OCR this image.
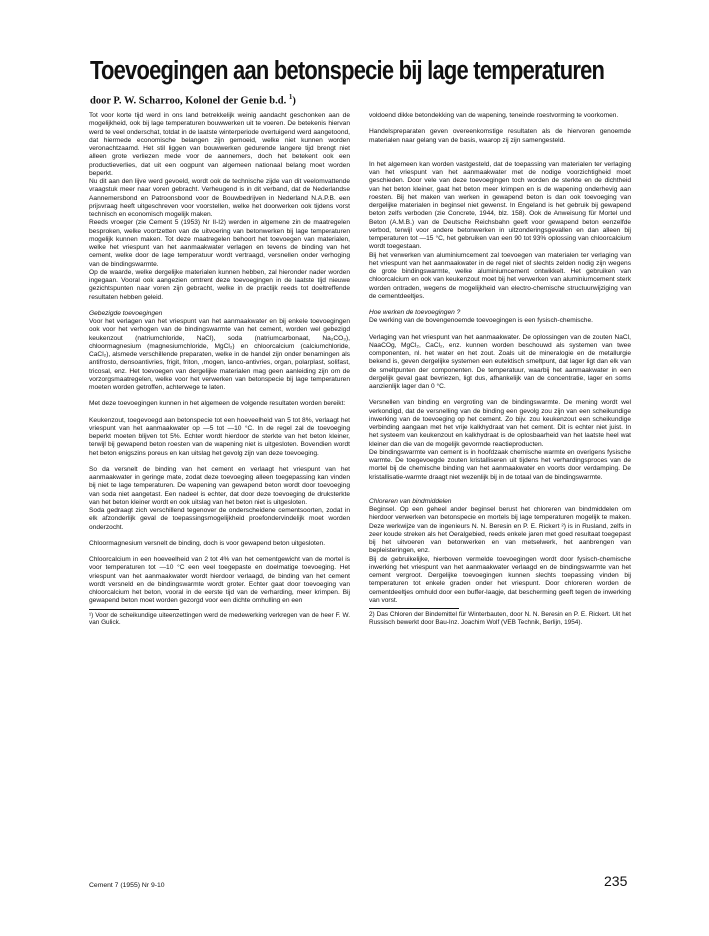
Toevoegingen aan betonspecie bij lage temperaturen
door P. W. Scharroo, Kolonel der Genie b.d. $^1$)

Tot voor korte tijd werd in ons land betrekkelijk weinig aandacht geschonken aan de mogelijkheid, ook bij lage temperaturen bouwwerken uit te voeren. De betekenis hiervan werd te veel onderschat, totdat in de laatste winterperiode overtuigend werd aangetoond, dat hiermede economische belangen zijn gemoeid, welke niet kunnen worden veronachtzaamd. Het stil liggen van bouwwerken gedurende langere tijd brengt niet alleen grote verliezen mede voor de aannemers, doch het betekent ook een productieverlies, dat uit een oogpunt van algemeen nationaal belang moet worden beperkt.

Nu dit aan den lijve werd gevoeld, wordt ook de technische zijde van dit veelomvattende vraagstuk meer naar voren gebracht. Verheugend is in dit verband, dat de Nederlandse Aannemersbond en Patroonsbond voor de Bouwbedrijven in Nederland N.A.P.B. een prijsvraag heeft uitgeschreven voor voorstellen, welke het doorwerken ook tijdens vorst technisch en economisch mogelijk maken.

Reeds vroeger (zie Cement 5 (1953) Nr II-I2) werden in algemene zin de maatregelen besproken, welke voortzetten van de uitvoering van betonwerken bij lage temperaturen mogelijk kunnen maken. Tot deze maatregelen behoort het toevoegen van materialen, welke het vriespunt van het aanmaakwater verlagen en tevens de binding van het cement, welke door de lage temperatuur wordt vertraagd, versnellen onder verhoging van de bindingswarmte.

Op de waarde, welke dergelijke materialen kunnen hebben, zal hieronder nader worden ingegaan. Vooral ook aangezien omtrent deze toevoegingen in de laatste tijd nieuwe gezichtspunten naar voren zijn gebracht, welke in de practijk reeds tot doeltreffende resultaten hebben geleid.

Gebezigde toevoegingen

Voor het verlagen van het vriespunt van het aanmaakwater en bij enkele toevoegingen ook voor het verhogen van de bindingswarmte van het cement, worden wel gebezigd keukenzout (natriumchloride, NaCl), soda (natriumcarbonaat, Na₂CO₃), chloormagnesium (magnesiumchloride, MgCl₂) en chloorcalcium (calciumchloride, CaCl₂), alsmede verschillende preparaten, welke in de handel zijn onder benamingen als antifrosto, densoantivries, frigit, friton, ,mogen, lanco-antivries, organ, polarplast, solifast, tricosal, enz. Het toevoegen van dergelijke materialen mag geen aanleiding zijn om de vorzorgsmaatregelen, welke voor het verwerken van betonspecie bij lage temperaturen moeten worden getroffen, achterwege te laten.

Met deze toevoegingen kunnen in het algemeen de volgende resultaten worden bereikt:

Keukenzout, toegevoegd aan betonspecie tot een hoeveelheid van 5 tot 8%, verlaagt het vriespunt van het aanmaakwater op —5 tot —10 °C. In de regel zal de toevoeging beperkt moeten blijven tot 5%. Echter wordt hierdoor de sterkte van het beton kleiner, terwijl bij gewapend beton roesten van de wapening niet is uitgesloten. Bovendien wordt het beton enigszins poreus en kan uitslag het gevolg zijn van deze toevoeging.

So da versnelt de binding van het cement en verlaagt het vriespunt van het aanmaakwater in geringe mate, zodat deze toevoeging alleen toegepassing kan vinden bij niet te lage temperaturen. De wapening van gewapend beton wordt door toevoeging van soda niet aangetast. Een nadeel is echter, dat door deze toevoeging de druksterkte van het beton kleiner wordt en ook uitslag van het beton niet is uitgesloten.

Soda gedraagt zich verschillend tegenover de onderscheidene cementsoorten, zodat in elk afzonderlijk geval de toepassingsmogelijkheid proefondervindelijk moet worden onderzocht.

Chloormagnesium versnelt de binding, doch is voor gewapend beton uitgesloten.

Chloorcalcium in een hoeveelheid van 2 tot 4% van het cementgewicht van de mortel is voor temperaturen tot —10 °C een veel toegepaste en doelmatige toevoeging. Het vriespunt van het aanmaakwater wordt hierdoor verlaagd, de binding van het cement wordt versneld en de bindingswarmte wordt groter. Echter gaat door toevoeging van chloorcalcium het beton, vooral in de eerste tijd van de verharding, meer krimpen. Bij gewapend beton moet worden gezorgd voor een dichte omhulling en een

¹) Voor de scheikundige uiteenzettingen werd de medewerking verkregen van de heer F. W. van Gulick.

voldoend dikke betondekking van de wapening, teneinde roestvorming te voorkomen.

Handelspreparaten geven overeenkomstige resultaten als de hiervoren genoemde materialen naar gelang van de basis, waarop zij zijn samengesteld.

In het algemeen kan worden vastgesteld, dat de toepassing van materialen ter verlaging van het vriespunt van het aanmaakwater met de nodige voorzichtigheid moet geschieden. Door vele van deze toevoegingen toch worden de sterkte en de dichtheid van het beton kleiner, gaat het beton meer krimpen en is de wapening onderhevig aan roesten. Bij het maken van werken in gewapend beton is dan ook toevoeging van dergelijke materialen in beginsel niet gewenst. In Engeland is het gebruik bij gewapend beton zelfs verboden (zie Concrete, 1944, blz. 158). Ook de Anweisung für Mortel und Beton (A.M.B.) van de Deutsche Reichsbahn geeft voor gewapend beton eenzelfde verbod, terwijl voor andere betonwerken in uitzonderingsgevallen en dan alleen bij temperaturen tot —15 °C, het gebruiken van een 90 tot 93% oplossing van chloorcalcium wordt toegestaan.

Bij het verwerken van aluminiumcement zal toevoegen van materialen ter verlaging van het vriespunt van het aanmaakwater in de regel niet of slechts zelden nodig zijn wegens de grote bindingswarmte, welke aluminiumcement ontwikkelt. Het gebruiken van chloorcalcium en ook van keukenzout moet bij het verwerken van aluminiumcement sterk worden ontraden, wegens de mogelijkheid van electro-chemische structuurwijziging van de cementdeeltjes.

Hoe werken de toevoegingen ?

De werking van de bovengenoemde toevoegingen is een fysisch-chemische.

Verlaging van het vriespunt van het aanmaakwater. De oplossingen van de zouten NaCl, NaaCOg, MgCl₂, CaCl₂, enz. kunnen worden beschouwd als systemen van twee componenten, nl. het water en het zout. Zoals uit de mineralogie en de metallurgie bekend is, geven dergelijke systemen een eutektisch smeltpunt, dat lager ligt dan elk van de smeltpunten der componenten. De temperatuur, waarbij het aanmaakwater in een dergelijk geval gaat bevriezen, ligt dus, afhankelijk van de concentratie, lager en soms aanzienlijk lager dan 0 °C.

Versnellen van binding en vergroting van de bindingswarmte. De mening wordt wel verkondigd, dat de versnelling van de binding een gevolg zou zijn van een scheikundige inwerking van de toevoeging op het cement. Zo bijv. zou keukenzout een scheikundige verbinding aangaan met het vrije kalkhydraat van het cement. Dit is echter niet juist. In het systeem van keukenzout en kalkhydraat is de oplosbaarheid van het laatste heel wat kleiner dan die van de mogelijk gevormde reactieproducten.

De bindingswarmte van cement is in hoofdzaak chemische warmte en overigens fysische warmte. De toegevoegde zouten kristalliseren uit tijdens het verhardingsproces van de mortel bij de chemische binding van het aanmaakwater en voorts door verdamping. De kristallisatie-warmte draagt niet wezenlijk bij in de totaal van de bindingswarmte.

Chloreren van bindmiddelen

Beginsel. Op een geheel ander beginsel berust het chloreren van bindmiddelen om hierdoor verwerken van betonspecie en mortels bij lage temperaturen mogelijk te maken. Deze werkwijze van de ingenieurs N. N. Beresin en P. E. Rickert ²) is in Rusland, zelfs in zeer koude streken als het Oeralgebied, reeds enkele jaren met goed resultaat toegepast bij het uitvoeren van betonwerken en van metselwerk, het aanbrengen van bepleisteringen, enz.

Bij de gebruikelijke, hierboven vermelde toevoegingen wordt door fysisch-chemische inwerking het vriespunt van het aanmaakwater verlaagd en de bindingswarmte van het cement vergroot. Dergelijke toevoegingen kunnen slechts toepassing vinden bij temperaturen tot enkele graden onder het vriespunt. Door chloreren worden de cementdeeltjes omhuld door een buffer-laagje, dat bescherming geeft tegen de inwerking van vorst.

2) Das Chloren der Bindemittel für Winterbauten, door N. N. Beresin en P. E. Rickert. Uit het Russisch bewerkt door Bau-Inz. Joachim Wolf (VEB Technik, Berlijn, 1954).

Cement 7 (1955) Nr 9-10	235
